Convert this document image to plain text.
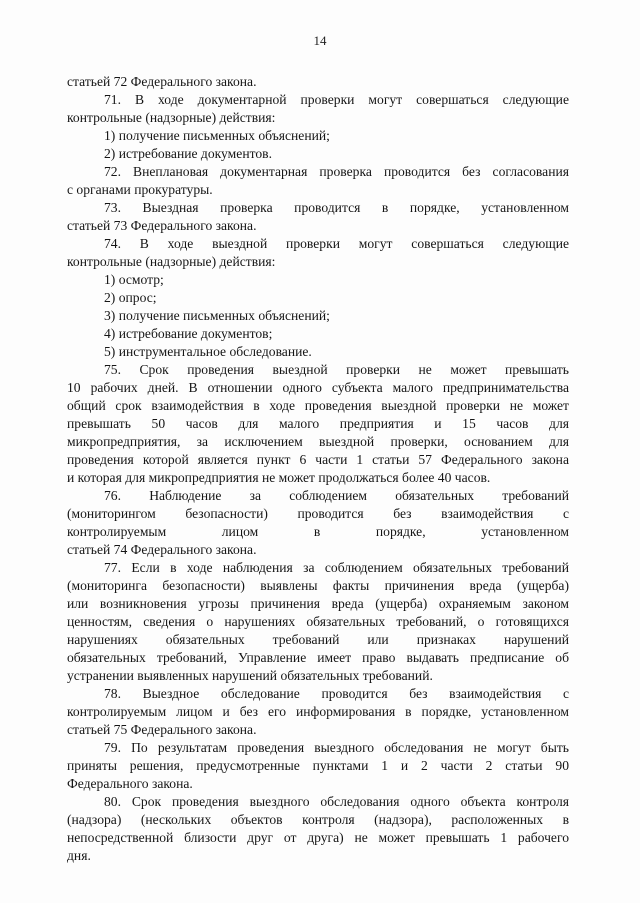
14
статьей 72 Федерального закона.
71. В ходе документарной проверки могут совершаться следующие
контрольные (надзорные) действия:
1) получение письменных объяснений;
2) истребование документов.
72. Внеплановая документарная проверка проводится без согласования
с органами прокуратуры.
73. Выездная проверка проводится в порядке, установленном
статьей 73 Федерального закона.
74. В ходе выездной проверки могут совершаться следующие
контрольные (надзорные) действия:
1) осмотр;
2) опрос;
3) получение письменных объяснений;
4) истребование документов;
5) инструментальное обследование.
75. Срок проведения выездной проверки не может превышать
10 рабочих дней. В отношении одного субъекта малого предпринимательства
общий срок взаимодействия в ходе проведения выездной проверки не может
превышать 50 часов для малого предприятия и 15 часов для
микропредприятия, за исключением выездной проверки, основанием для
проведения которой является пункт 6 части 1 статьи 57 Федерального закона
и которая для микропредприятия не может продолжаться более 40 часов.
76. Наблюдение за соблюдением обязательных требований
(мониторингом безопасности) проводится без взаимодействия с
контролируемым лицом в порядке, установленном
статьей 74 Федерального закона.
77. Если в ходе наблюдения за соблюдением обязательных требований
(мониторинга безопасности) выявлены факты причинения вреда (ущерба)
или возникновения угрозы причинения вреда (ущерба) охраняемым законом
ценностям, сведения о нарушениях обязательных требований, о готовящихся
нарушениях обязательных требований или признаках нарушений
обязательных требований, Управление имеет право выдавать предписание об
устранении выявленных нарушений обязательных требований.
78. Выездное обследование проводится без взаимодействия с
контролируемым лицом и без его информирования в порядке, установленном
статьей 75 Федерального закона.
79. По результатам проведения выездного обследования не могут быть
приняты решения, предусмотренные пунктами 1 и 2 части 2 статьи 90
Федерального закона.
80. Срок проведения выездного обследования одного объекта контроля
(надзора) (нескольких объектов контроля (надзора), расположенных в
непосредственной близости друг от друга) не может превышать 1 рабочего
дня.
